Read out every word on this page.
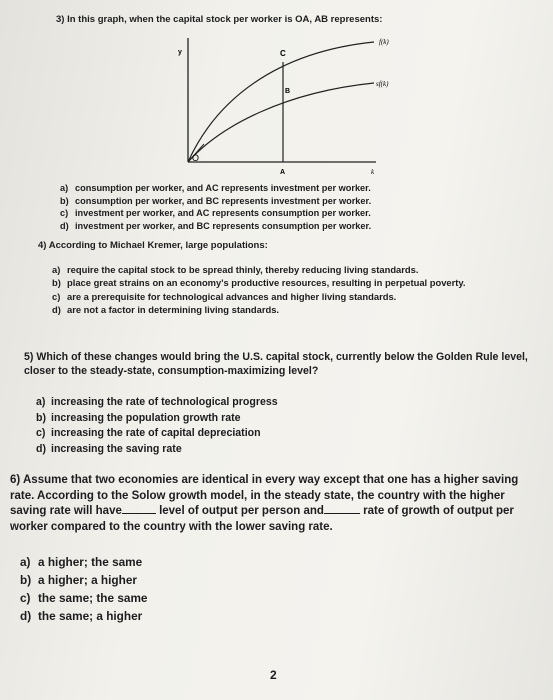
3) In this graph, when the capital stock per worker is OA, AB represents:
y
f(k)
sf(k)
C
B
O
A	k
a) consumption per worker, and AC represents investment per worker.
b) consumption per worker, and BC represents investment per worker.
c) investment per worker, and AC represents consumption per worker.
d) investment per worker, and BC represents consumption per worker.
4) According to Michael Kremer, large populations:
a) require the capital stock to be spread thinly, thereby reducing living standards.
b) place great strains on an economy's productive resources, resulting in perpetual poverty.
c) are a prerequisite for technological advances and higher living standards.
d) are not a factor in determining living standards.
5) Which of these changes would bring the U.S. capital stock, currently below the Golden Rule level, closer to the steady-state, consumption-maximizing level?
a) increasing the rate of technological progress
b) increasing the population growth rate
c) increasing the rate of capital depreciation
d) increasing the saving rate
6) Assume that two economies are identical in every way except that one has a higher saving rate. According to the Solow growth model, in the steady state, the country with the higher saving rate will have	level of output per person and	rate of growth of output per worker compared to the country with the lower saving rate.
a) a higher; the same
b) a higher; a higher
c) the same; the same
d) the same; a higher
2
